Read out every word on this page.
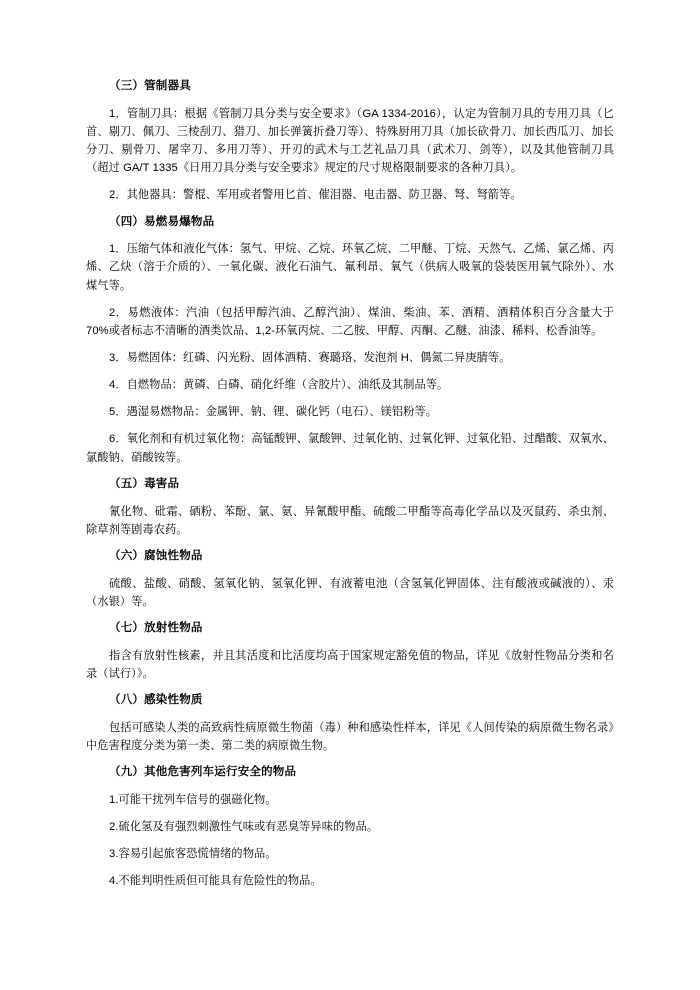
（三）管制器具

1．管制刀具：根据《管制刀具分类与安全要求》（GA 1334-2016），认定为管制刀具的专用刀具（匕首、剔刀、佩刀、三棱刮刀、猎刀、加长弹簧折叠刀等）、特殊厨用刀具（加长砍骨刀、加长西瓜刀、加长分刀、剔骨刀、屠宰刀、多用刀等）、开刃的武术与工艺礼品刀具（武术刀、剑等），以及其他管制刀具（超过 GA/T 1335《日用刀具分类与安全要求》规定的尺寸规格限制要求的各种刀具）。

2．其他器具：警棍、军用或者警用匕首、催泪器、电击器、防卫器、弩、弩箭等。

（四）易燃易爆物品

1．压缩气体和液化气体：氢气、甲烷、乙烷、环氧乙烷、二甲醚、丁烷、天然气、乙烯、氯乙烯、丙烯、乙炔（溶于介质的）、一氧化碳、液化石油气、氟利昂、氧气（供病人吸氧的袋装医用氧气除外）、水煤气等。

2．易燃液体：汽油（包括甲醇汽油、乙醇汽油）、煤油、柴油、苯、酒精、酒精体积百分含量大于 70%或者标志不清晰的酒类饮品、1,2-环氧丙烷、二乙胺、甲醇、丙酮、乙醚、油漆、稀料、松香油等。

3．易燃固体：红磷、闪光粉、固体酒精、赛璐珞、发泡剂 H、偶氮二异庚腈等。

4．自燃物品：黄磷、白磷、硝化纤维（含胶片）、油纸及其制品等。

5．遇湿易燃物品：金属钾、钠、锂、碳化钙（电石）、镁铝粉等。

6．氧化剂和有机过氧化物：高锰酸钾、氯酸钾、过氧化钠、过氧化钾、过氧化铅、过醋酸、双氧水、氯酸钠、硝酸铵等。

（五）毒害品

氰化物、砒霜、硒粉、苯酚、氯、氨、异氰酸甲酯、硫酸二甲酯等高毒化学品以及灭鼠药、杀虫剂、除草剂等剧毒农药。

（六）腐蚀性物品

硫酸、盐酸、硝酸、氢氧化钠、氢氧化钾、有液蓄电池（含氢氧化钾固体、注有酸液或碱液的）、汞（水银）等。

（七）放射性物品

指含有放射性核素，并且其活度和比活度均高于国家规定豁免值的物品，详见《放射性物品分类和名录（试行）》。

（八）感染性物质

包括可感染人类的高致病性病原微生物菌（毒）种和感染性样本，详见《人间传染的病原微生物名录》中危害程度分类为第一类、第二类的病原微生物。

（九）其他危害列车运行安全的物品

1.可能干扰列车信号的强磁化物。

2.硫化氢及有强烈刺激性气味或有恶臭等异味的物品。

3.容易引起旅客恐慌情绪的物品。

4.不能判明性质但可能具有危险性的物品。
